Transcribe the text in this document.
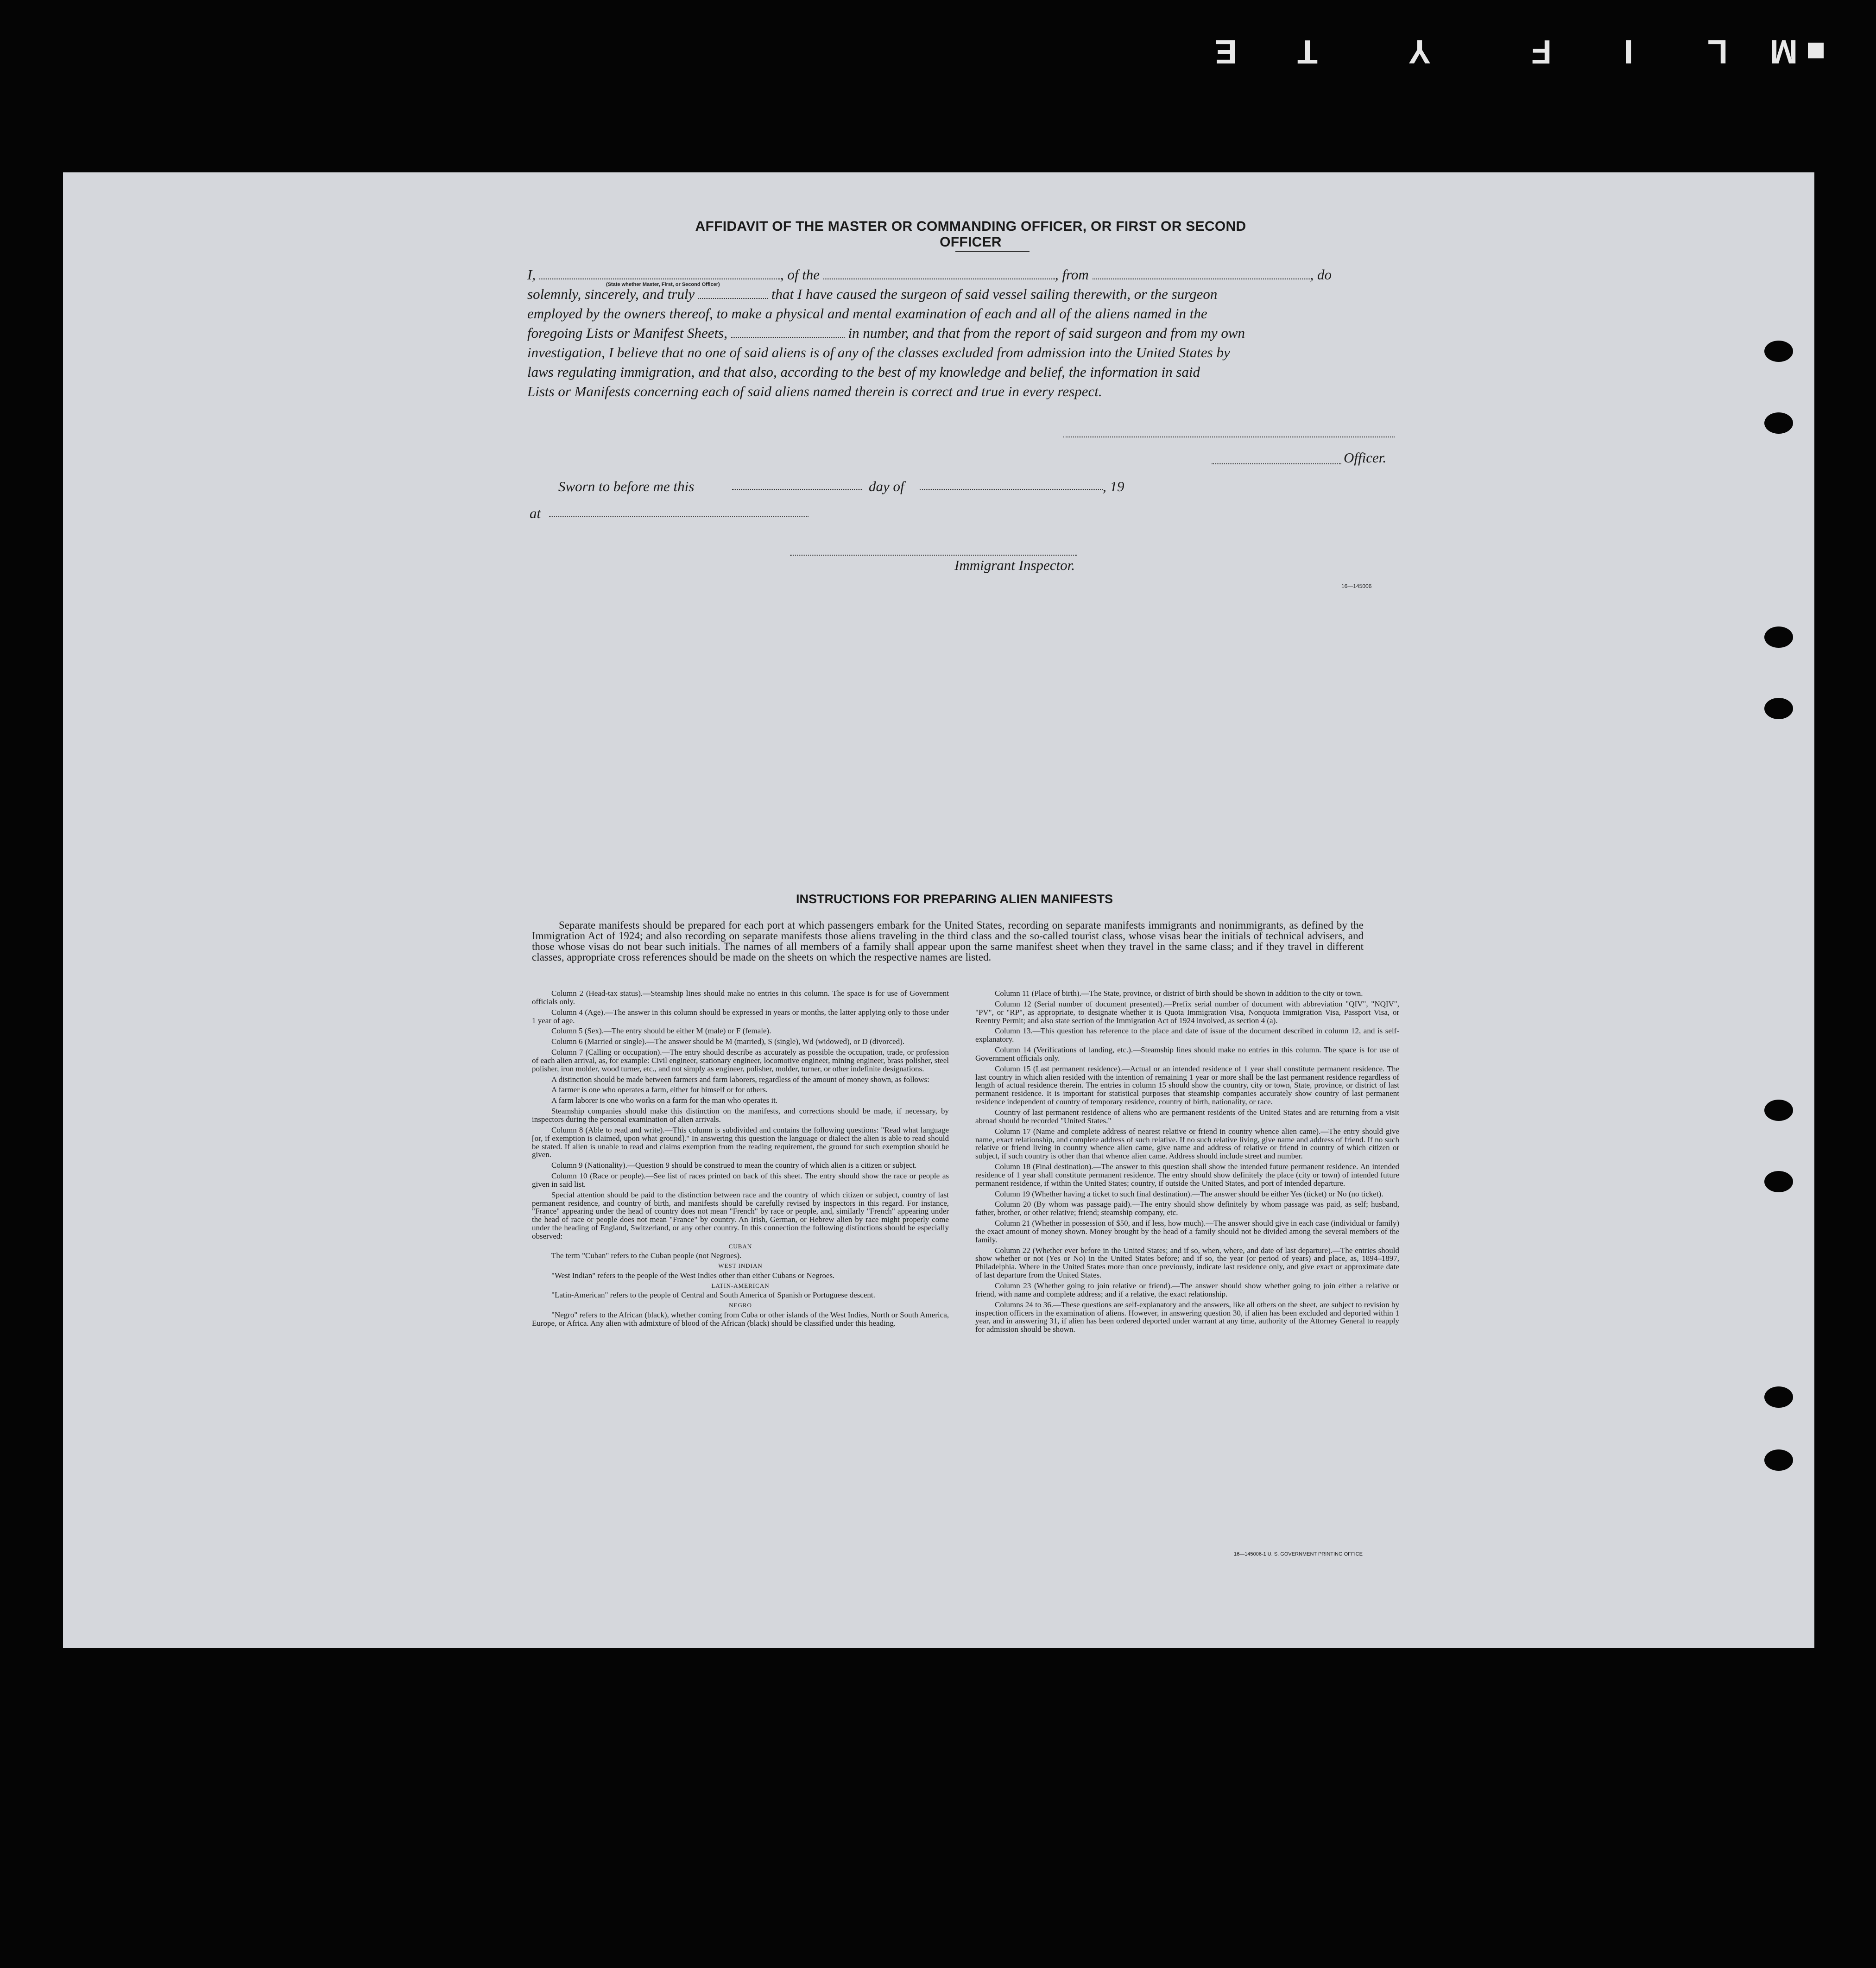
E T	Y	F I L M
AFFIDAVIT OF THE MASTER OR COMMANDING OFFICER, OR FIRST OR SECOND OFFICER
I,	, of the	, from	, do
(State whether Master, First, or Second Officer)
solemnly, sincerely, and truly	that I have caused the surgeon of said vessel sailing therewith, or the surgeon
employed by the owners thereof, to make a physical and mental examination of each and all of the aliens named in the
foregoing Lists or Manifest Sheets,	in number, and that from the report of said surgeon and from my own
investigation, I believe that no one of said aliens is of any of the classes excluded from admission into the United States by
laws regulating immigration, and that also, according to the best of my knowledge and belief, the information in said
Lists or Manifests concerning each of said aliens named therein is correct and true in every respect.
Officer.
Sworn to before me this	day of	, 19
at
Immigrant Inspector.
16—145006
INSTRUCTIONS FOR PREPARING ALIEN MANIFESTS
Separate manifests should be prepared for each port at which passengers embark for the United States, recording on separate manifests immigrants and nonimmigrants, as defined by the Immigration Act of 1924; and also recording on separate manifests those aliens traveling in the third class and the so-called tourist class, whose visas bear the initials of technical advisers, and those whose visas do not bear such initials. The names of all members of a family shall appear upon the same manifest sheet when they travel in the same class; and if they travel in different classes, appropriate cross references should be made on the sheets on which the respective names are listed.

Column 2 (Head-tax status).—Steamship lines should make no entries in this column. The space is for use of Government officials only.

Column 4 (Age).—The answer in this column should be expressed in years or months, the latter applying only to those under 1 year of age.

Column 5 (Sex).—The entry should be either M (male) or F (female).

Column 6 (Married or single).—The answer should be M (married), S (single), Wd (widowed), or D (divorced).

Column 7 (Calling or occupation).—The entry should describe as accurately as possible the occupation, trade, or profession of each alien arrival, as, for example: Civil engineer, stationary engineer, locomotive engineer, mining engineer, brass polisher, steel polisher, iron molder, wood turner, etc., and not simply as engineer, polisher, molder, turner, or other indefinite designations.

A distinction should be made between farmers and farm laborers, regardless of the amount of money shown, as follows:

A farmer is one who operates a farm, either for himself or for others.

A farm laborer is one who works on a farm for the man who operates it.

Steamship companies should make this distinction on the manifests, and corrections should be made, if necessary, by inspectors during the personal examination of alien arrivals.

Column 8 (Able to read and write).—This column is subdivided and contains the following questions: "Read what language [or, if exemption is claimed, upon what ground]." In answering this question the language or dialect the alien is able to read should be stated. If alien is unable to read and claims exemption from the reading requirement, the ground for such exemption should be given.

Column 9 (Nationality).—Question 9 should be construed to mean the country of which alien is a citizen or subject.

Column 10 (Race or people).—See list of races printed on back of this sheet. The entry should show the race or people as given in said list.

Special attention should be paid to the distinction between race and the country of which citizen or subject, country of last permanent residence, and country of birth, and manifests should be carefully revised by inspectors in this regard. For instance, "France" appearing under the head of country does not mean "French" by race or people, and, similarly "French" appearing under the head of race or people does not mean "France" by country. An Irish, German, or Hebrew alien by race might properly come under the heading of England, Switzerland, or any other country. In this connection the following distinctions should be especially observed:

CUBAN

The term "Cuban" refers to the Cuban people (not Negroes).

WEST INDIAN

"West Indian" refers to the people of the West Indies other than either Cubans or Negroes.

LATIN-AMERICAN

"Latin-American" refers to the people of Central and South America of Spanish or Portuguese descent.

NEGRO

"Negro" refers to the African (black), whether coming from Cuba or other islands of the West Indies, North or South America, Europe, or Africa. Any alien with admixture of blood of the African (black) should be classified under this heading.

Column 11 (Place of birth).—The State, province, or district of birth should be shown in addition to the city or town.

Column 12 (Serial number of document presented).—Prefix serial number of document with abbreviation "QIV", "NQIV", "PV", or "RP", as appropriate, to designate whether it is Quota Immigration Visa, Nonquota Immigration Visa, Passport Visa, or Reentry Permit; and also state section of the Immigration Act of 1924 involved, as section 4 (a).

Column 13.—This question has reference to the place and date of issue of the document described in column 12, and is self-explanatory.

Column 14 (Verifications of landing, etc.).—Steamship lines should make no entries in this column. The space is for use of Government officials only.

Column 15 (Last permanent residence).—Actual or an intended residence of 1 year shall constitute permanent residence. The last country in which alien resided with the intention of remaining 1 year or more shall be the last permanent residence regardless of length of actual residence therein. The entries in column 15 should show the country, city or town, State, province, or district of last permanent residence. It is important for statistical purposes that steamship companies accurately show country of last permanent residence independent of country of temporary residence, country of birth, nationality, or race.

Country of last permanent residence of aliens who are permanent residents of the United States and are returning from a visit abroad should be recorded "United States."

Column 17 (Name and complete address of nearest relative or friend in country whence alien came).—The entry should give name, exact relationship, and complete address of such relative. If no such relative living, give name and address of friend. If no such relative or friend living in country whence alien came, give name and address of relative or friend in country of which citizen or subject, if such country is other than that whence alien came. Address should include street and number.

Column 18 (Final destination).—The answer to this question shall show the intended future permanent residence. An intended residence of 1 year shall constitute permanent residence. The entry should show definitely the place (city or town) of intended future permanent residence, if within the United States; country, if outside the United States, and port of intended departure.

Column 19 (Whether having a ticket to such final destination).—The answer should be either Yes (ticket) or No (no ticket).

Column 20 (By whom was passage paid).—The entry should show definitely by whom passage was paid, as self; husband, father, brother, or other relative; friend; steamship company, etc.

Column 21 (Whether in possession of $50, and if less, how much).—The answer should give in each case (individual or family) the exact amount of money shown. Money brought by the head of a family should not be divided among the several members of the family.

Column 22 (Whether ever before in the United States; and if so, when, where, and date of last departure).—The entries should show whether or not (Yes or No) in the United States before; and if so, the year (or period of years) and place, as, 1894–1897, Philadelphia. Where in the United States more than once previously, indicate last residence only, and give exact or approximate date of last departure from the United States.

Column 23 (Whether going to join relative or friend).—The answer should show whether going to join either a relative or friend, with name and complete address; and if a relative, the exact relationship.

Columns 24 to 36.—These questions are self-explanatory and the answers, like all others on the sheet, are subject to revision by inspection officers in the examination of aliens. However, in answering question 30, if alien has been excluded and deported within 1 year, and in answering 31, if alien has been ordered deported under warrant at any time, authority of the Attorney General to reapply for admission should be shown.

16—145006-1 U. S. GOVERNMENT PRINTING OFFICE
